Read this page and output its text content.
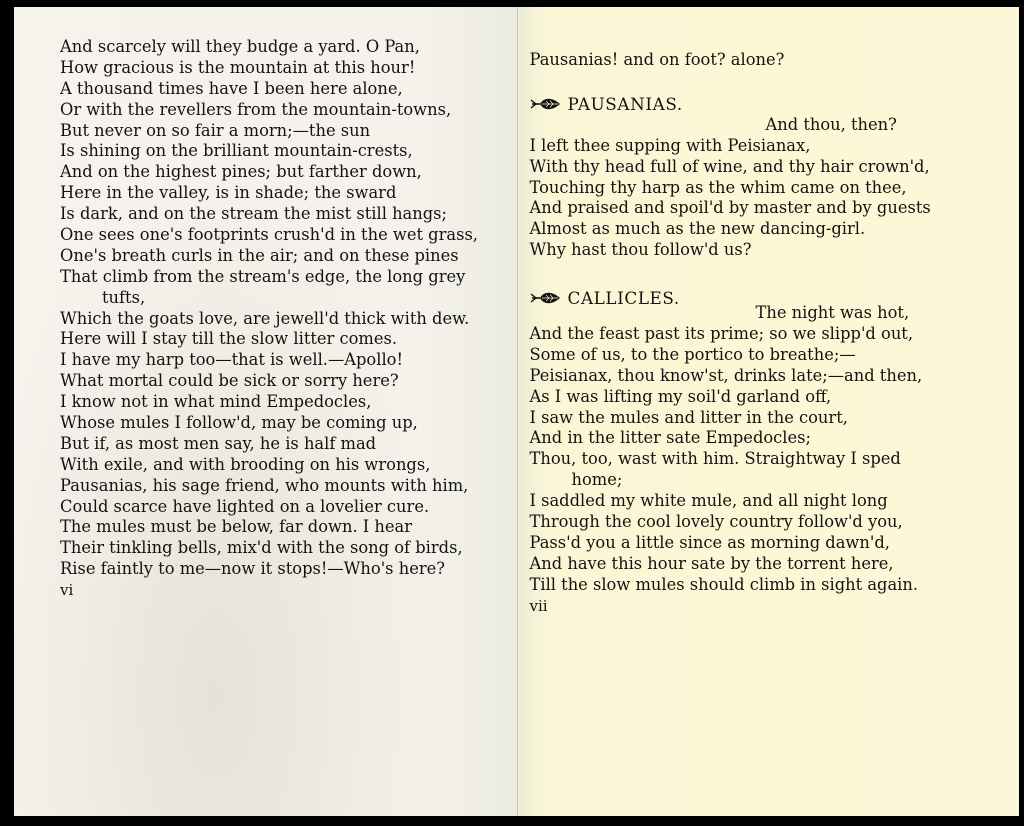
And scarcely will they budge a yard. O Pan,
How gracious is the mountain at this hour!
A thousand times have I been here alone,
Or with the revellers from the mountain-towns,
But never on so fair a morn;—the sun
Is shining on the brilliant mountain-crests,
And on the highest pines; but farther down,
Here in the valley, is in shade; the sward
Is dark, and on the stream the mist still hangs;
One sees one's footprints crush'd in the wet grass,
One's breath curls in the air; and on these pines
That climb from the stream's edge, the long grey
tufts,
Which the goats love, are jewell'd thick with dew.
Here will I stay till the slow litter comes.
I have my harp too—that is well.—Apollo!
What mortal could be sick or sorry here?
I know not in what mind Empedocles,
Whose mules I follow'd, may be coming up,
But if, as most men say, he is half mad
With exile, and with brooding on his wrongs,
Pausanias, his sage friend, who mounts with him,
Could scarce have lighted on a lovelier cure.
The mules must be below, far down. I hear
Their tinkling bells, mix'd with the song of birds,
Rise faintly to me—now it stops!—Who's here?
vi
Pausanias! and on foot? alone?
PAUSANIAS.
And thou, then?
I left thee supping with Peisianax,
With thy head full of wine, and thy hair crown'd,
Touching thy harp as the whim came on thee,
And praised and spoil'd by master and by guests
Almost as much as the new dancing-girl.
Why hast thou follow'd us?
CALLICLES.
The night was hot,
And the feast past its prime; so we slipp'd out,
Some of us, to the portico to breathe;—
Peisianax, thou know'st, drinks late;—and then,
As I was lifting my soil'd garland off,
I saw the mules and litter in the court,
And in the litter sate Empedocles;
Thou, too, wast with him. Straightway I sped
home;
I saddled my white mule, and all night long
Through the cool lovely country follow'd you,
Pass'd you a little since as morning dawn'd,
And have this hour sate by the torrent here,
Till the slow mules should climb in sight again.
vii
